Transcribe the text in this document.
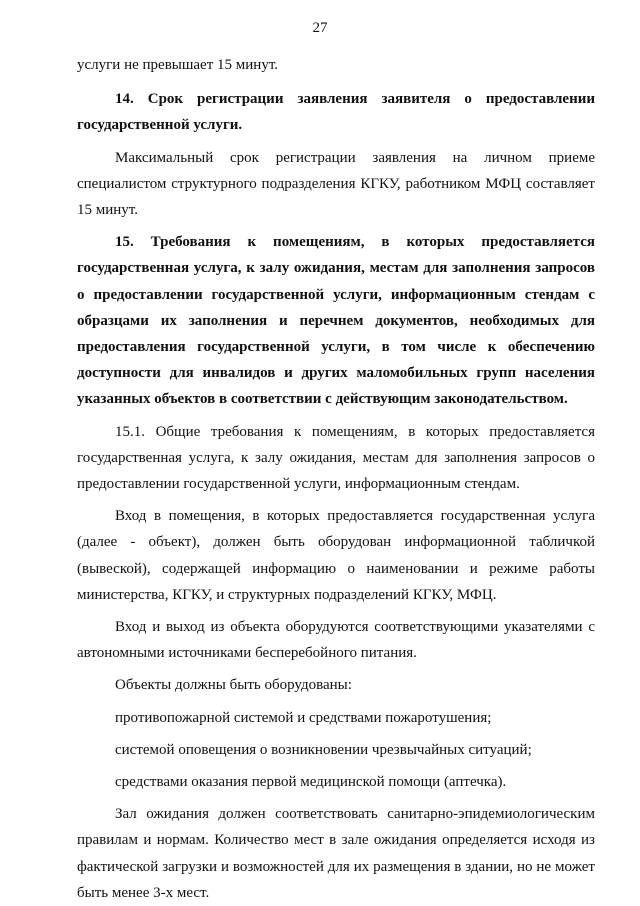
27

услуги не превышает 15 минут.

14. Срок регистрации заявления заявителя о предоставлении государственной услуги.

Максимальный срок регистрации заявления на личном приеме специалистом структурного подразделения КГКУ, работником МФЦ составляет 15 минут.

15. Требования к помещениям, в которых предоставляется государственная услуга, к залу ожидания, местам для заполнения запросов о предоставлении государственной услуги, информационным стендам с образцами их заполнения и перечнем документов, необходимых для предоставления государственной услуги, в том числе к обеспечению доступности для инвалидов и других маломобильных групп населения указанных объектов в соответствии с действующим законодательством.

15.1. Общие требования к помещениям, в которых предоставляется государственная услуга, к залу ожидания, местам для заполнения запросов о предоставлении государственной услуги, информационным стендам.

Вход в помещения, в которых предоставляется государственная услуга (далее - объект), должен быть оборудован информационной табличкой (вывеской), содержащей информацию о наименовании и режиме работы министерства, КГКУ, и структурных подразделений КГКУ, МФЦ.

Вход и выход из объекта оборудуются соответствующими указателями с автономными источниками бесперебойного питания.

Объекты должны быть оборудованы:

противопожарной системой и средствами пожаротушения;

системой оповещения о возникновении чрезвычайных ситуаций;

средствами оказания первой медицинской помощи (аптечка).

Зал ожидания должен соответствовать санитарно-эпидемиологическим правилам и нормам. Количество мест в зале ожидания определяется исходя из фактической загрузки и возможностей для их размещения в здании, но не может быть менее 3-х мест.
